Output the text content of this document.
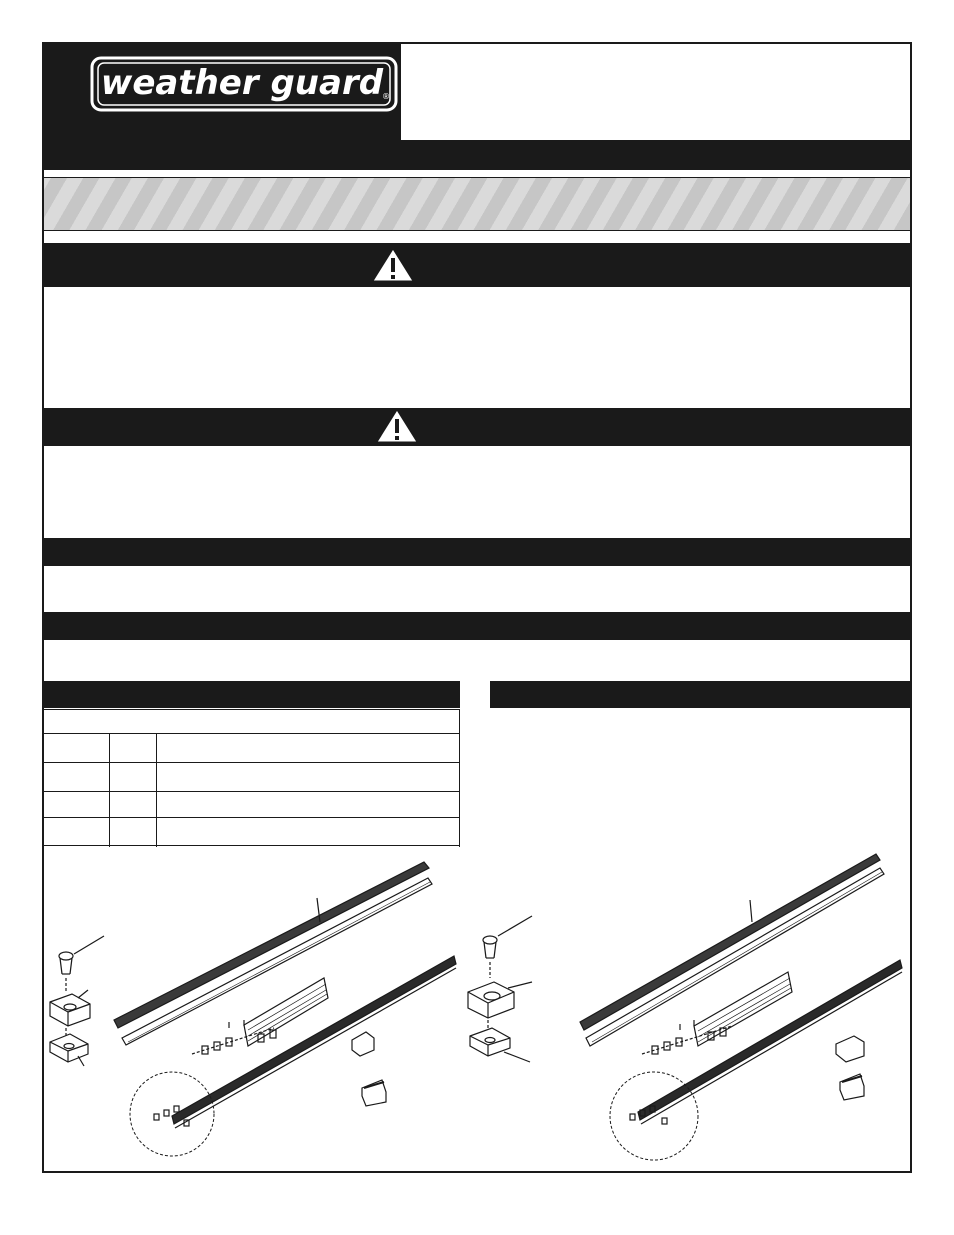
weather guard
®
